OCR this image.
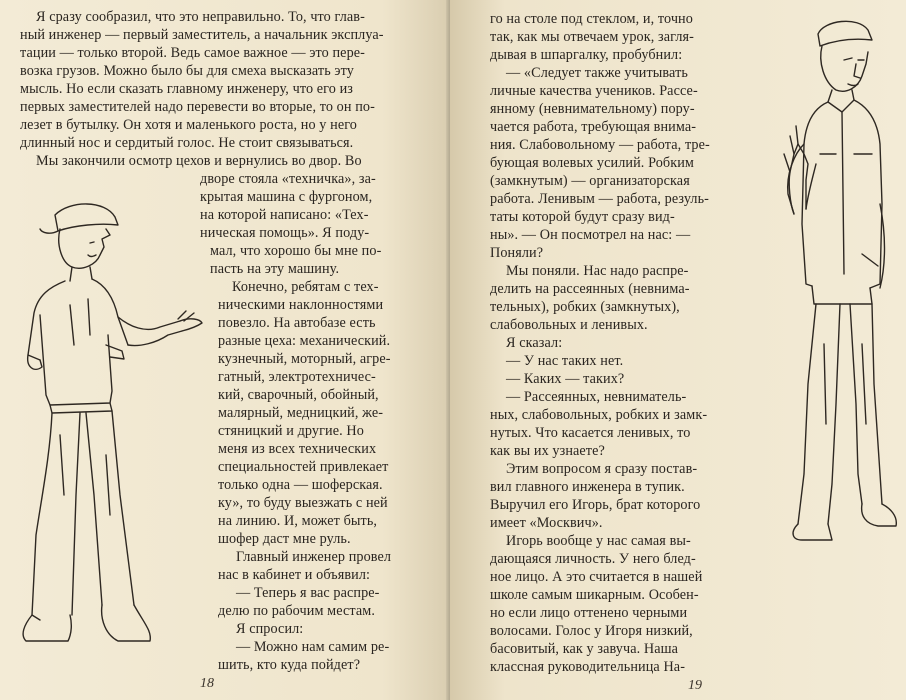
Я сразу сообразил, что это неправильно. То, что глав-
ный инженер — первый заместитель, а начальник эксплуа-
тации — только второй. Ведь самое важное — это пере-
возка грузов. Можно было бы для смеха высказать эту
мысль. Но если сказать главному инженеру, что его из
первых заместителей надо перевести во вторые, то он по-
лезет в бутылку. Он хотя и маленького роста, но у него
длинный нос и сердитый голос. Не стоит связываться.
Мы закончили осмотр цехов и вернулись во двор. Во
дворе стояла «техничка», за-
крытая машина с фургоном,
на которой написано: «Тех-
ническая помощь». Я поду-
мал, что хорошо бы мне по-
пасть на эту машину.
Конечно, ребятам с тех-
ническими наклонностями
повезло. На автобазе есть
разные цеха: механический.
кузнечный, моторный, агре-
гатный, электротехничес-
кий, сварочный, обойный,
малярный, медницкий, же-
стяницкий и другие. Но
меня из всех технических
специальностей привлекает
только одна — шоферская.
ку», то буду выезжать с ней
на линию. И, может быть,
шофер даст мне руль.
Главный инженер провел
нас в кабинет и объявил:
— Теперь я вас распре-
делю по рабочим местам.
Я спросил:
— Можно нам самим ре-
шить, кто куда пойдет?
18
го на столе под стеклом, и, точно
так, как мы отвечаем урок, загля-
дывая в шпаргалку, пробубнил:
— «Следует также учитывать
личные качества учеников. Рассе-
янному (невнимательному) пору-
чается работа, требующая внима-
ния. Слабовольному — работа, тре-
бующая волевых усилий. Робким
(замкнутым) — организаторская
работа. Ленивым — работа, резуль-
таты которой будут сразу вид-
ны». — Он посмотрел на нас: —
Поняли?
Мы поняли. Нас надо распре-
делить на рассеянных (невнима-
тельных), робких (замкнутых),
слабовольных и ленивых.
Я сказал:
— У нас таких нет.
— Каких — таких?
— Рассеянных, невниматель-
ных, слабовольных, робких и замк-
нутых. Что касается ленивых, то
как вы их узнаете?
Этим вопросом я сразу постав-
вил главного инженера в тупик.
Выручил его Игорь, брат которого
имеет «Москвич».
Игорь вообще у нас самая вы-
дающаяся личность. У него блед-
ное лицо. А это считается в нашей
школе самым шикарным. Особен-
но если лицо оттенено черными
волосами. Голос у Игоря низкий,
басовитый, как у завуча. Наша
классная руководительница На-
19
